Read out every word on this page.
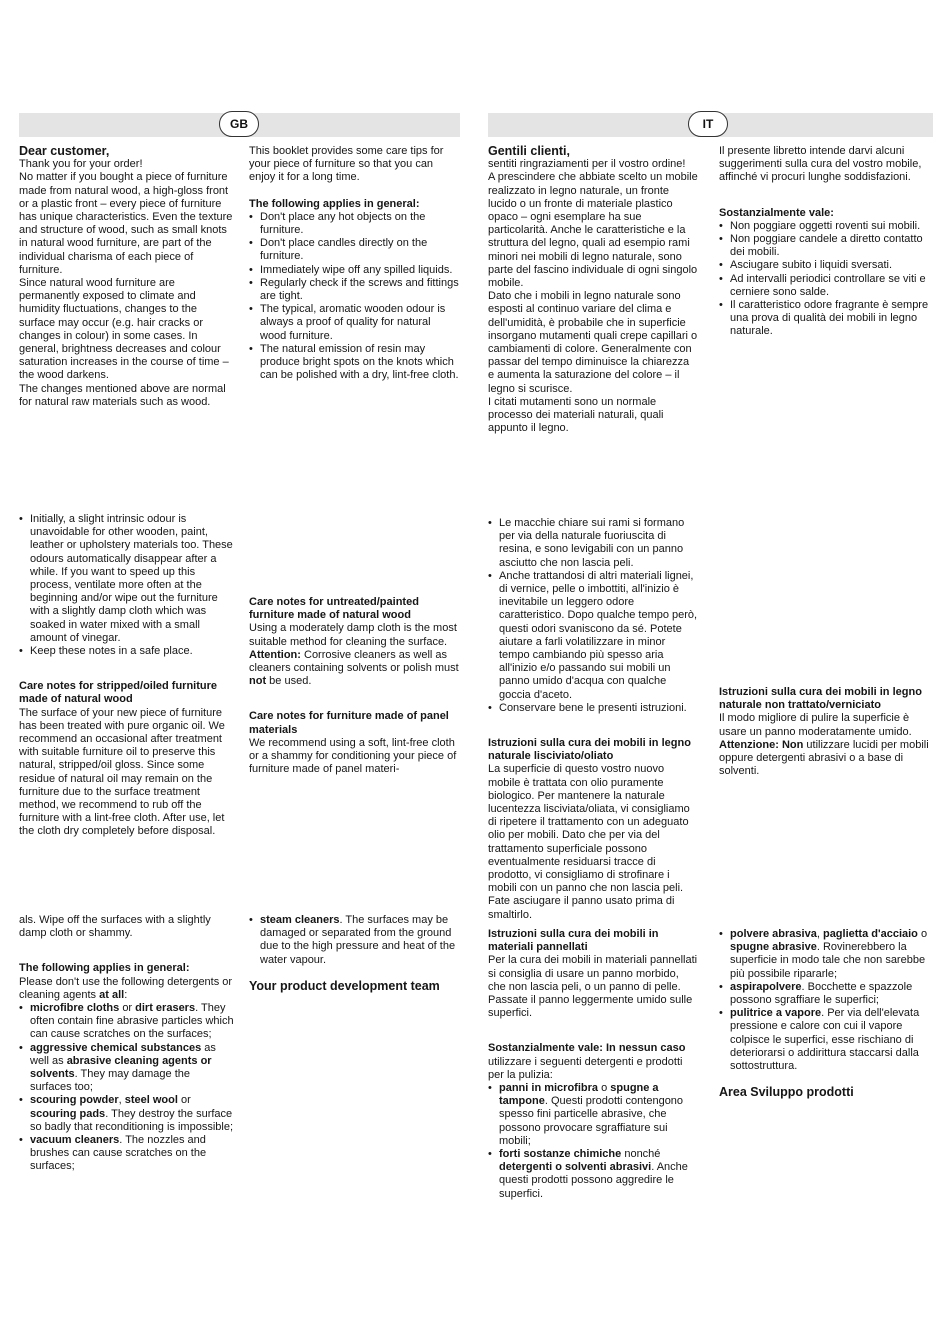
GB	IT

Dear customer,

Thank you for your order!

No matter if you bought a piece of furniture made from natural wood, a high-gloss front or a plastic front – every piece of furniture has unique characteristics. Even the texture and structure of wood, such as small knots in natural wood furniture, are part of the individual charisma of each piece of furniture.

Since natural wood furniture are permanently exposed to climate and humidity fluctuations, changes to the surface may occur (e.g. hair cracks or changes in colour) in some cases. In general, brightness decreases and colour saturation increases in the course of time – the wood darkens.

The changes mentioned above are normal for natural raw materials such as wood.

This booklet provides some care tips for your piece of furniture so that you can enjoy it for a long time.

The following applies in general:

• Don't place any hot objects on the furniture.
• Don't place candles directly on the furniture.
• Immediately wipe off any spilled liquids.
• Regularly check if the screws and fittings are tight.
• The typical, aromatic wooden odour is always a proof of quality for natural wood furniture.
• The natural emission of resin may produce bright spots on the knots which can be polished with a dry, lint-free cloth.

Gentili clienti,

sentiti ringraziamenti per il vostro ordine!

A prescindere che abbiate scelto un mobile realizzato in legno naturale, un fronte lucido o un fronte di materiale plastico opaco – ogni esemplare ha sue particolarità. Anche le caratteristiche e la struttura del legno, quali ad esempio rami minori nei mobili di legno naturale, sono parte del fascino individuale di ogni singolo mobile.

Dato che i mobili in legno naturale sono esposti al continuo variare del clima e dell'umidità, è probabile che in superficie insorgano mutamenti quali crepe capillari o cambiamenti di colore. Generalmente con passar del tempo diminuisce la chiarezza e aumenta la saturazione del colore – il legno si scurisce.

I citati mutamenti sono un normale processo dei materiali naturali, quali appunto il legno.

Il presente libretto intende darvi alcuni suggerimenti sulla cura del vostro mobile, affinché vi procuri lunghe soddisfazioni.

Sostanzialmente vale:

• Non poggiare oggetti roventi sui mobili.
• Non poggiare candele a diretto contatto dei mobili.
• Asciugare subito i liquidi sversati.
• Ad intervalli periodici controllare se viti e cerniere sono salde.
• Il caratteristico odore fragrante è sempre una prova di qualità dei mobili in legno naturale.
• Initially, a slight intrinsic odour is unavoidable for other wooden, paint, leather or upholstery materials too. These odours automatically disappear after a while. If you want to speed up this process, ventilate more often at the beginning and/or wipe out the furniture with a slightly damp cloth which was soaked in water mixed with a small amount of vinegar.
• Keep these notes in a safe place.

Care notes for stripped/oiled furniture made of natural wood

The surface of your new piece of furniture has been treated with pure organic oil. We recommend an occasional after treatment with suitable furniture oil to preserve this natural, stripped/oil gloss. Since some residue of natural oil may remain on the furniture due to the surface treatment method, we recommend to rub off the furniture with a lint-free cloth. After use, let the cloth dry completely before disposal.

Care notes for untreated/painted furniture made of natural wood

Using a moderately damp cloth is the most suitable method for cleaning the surface.

Attention: Corrosive cleaners as well as cleaners containing solvents or polish must not be used.

Care notes for furniture made of panel materials

We recommend using a soft, lint-free cloth or a shammy for conditioning your piece of furniture made of panel materi-

• Le macchie chiare sui rami si formano per via della naturale fuoriuscita di resina, e sono levigabili con un panno asciutto che non lascia peli.
• Anche trattandosi di altri materiali lignei, di vernice, pelle o imbottiti, all'inizio è inevitabile un leggero odore caratteristico. Dopo qualche tempo però, questi odori svaniscono da sé. Potete aiutare a farli volatilizzare in minor tempo cambiando più spesso aria all'inizio e/o passando sui mobili un panno umido d'acqua con qualche goccia d'aceto.
• Conservare bene le presenti istruzioni.

Istruzioni sulla cura dei mobili in legno naturale lisciviato/oliato

La superficie di questo vostro nuovo mobile è trattata con olio puramente biologico. Per mantenere la naturale lucentezza lisciviata/oliata, vi consigliamo di ripetere il trattamento con un adeguato olio per mobili. Dato che per via del trattamento superficiale possono eventualmente residuarsi tracce di prodotto, vi consigliamo di strofinare i mobili con un panno che non lascia peli. Fate asciugare il panno usato prima di smaltirlo.

Istruzioni sulla cura dei mobili in legno naturale non trattato/verniciato

Il modo migliore di pulire la superficie è usare un panno moderatamente umido.

Attenzione: Non utilizzare lucidi per mobili oppure detergenti abrasivi o a base di solventi.

als. Wipe off the surfaces with a slightly damp cloth or shammy.

The following applies in general:

Please don't use the following detergents or cleaning agents at all:

• microfibre cloths or dirt erasers. They often contain fine abrasive particles which can cause scratches on the surfaces;
• aggressive chemical substances as well as abrasive cleaning agents or solvents. They may damage the surfaces too;
• scouring powder, steel wool or scouring pads. They destroy the surface so badly that reconditioning is impossible;
• vacuum cleaners. The nozzles and brushes can cause scratches on the surfaces;
• steam cleaners. The surfaces may be damaged or separated from the ground due to the high pressure and heat of the water vapour.

Your product development team

Istruzioni sulla cura dei mobili in materiali pannellati

Per la cura dei mobili in materiali pannellati si consiglia di usare un panno morbido, che non lascia peli, o un panno di pelle. Passate il panno leggermente umido sulle superfici.

Sostanzialmente vale: In nessun caso utilizzare i seguenti detergenti e prodotti per la pulizia:

• panni in microfibra o spugne a tampone. Questi prodotti contengono spesso fini particelle abrasive, che possono provocare sgraffiature sui mobili;
• forti sostanze chimiche nonché detergenti o solventi abrasivi. Anche questi prodotti possono aggredire le superfici.
• polvere abrasiva, paglietta d'acciaio o spugne abrasive. Rovinerebbero la superficie in modo tale che non sarebbe più possibile ripararle;
• aspirapolvere. Bocchette e spazzole possono sgraffiare le superfici;
• pulitrice a vapore. Per via dell'elevata pressione e calore con cui il vapore colpisce le superfici, esse rischiano di deteriorarsi o addirittura staccarsi dalla sottostruttura.

Area Sviluppo prodotti
